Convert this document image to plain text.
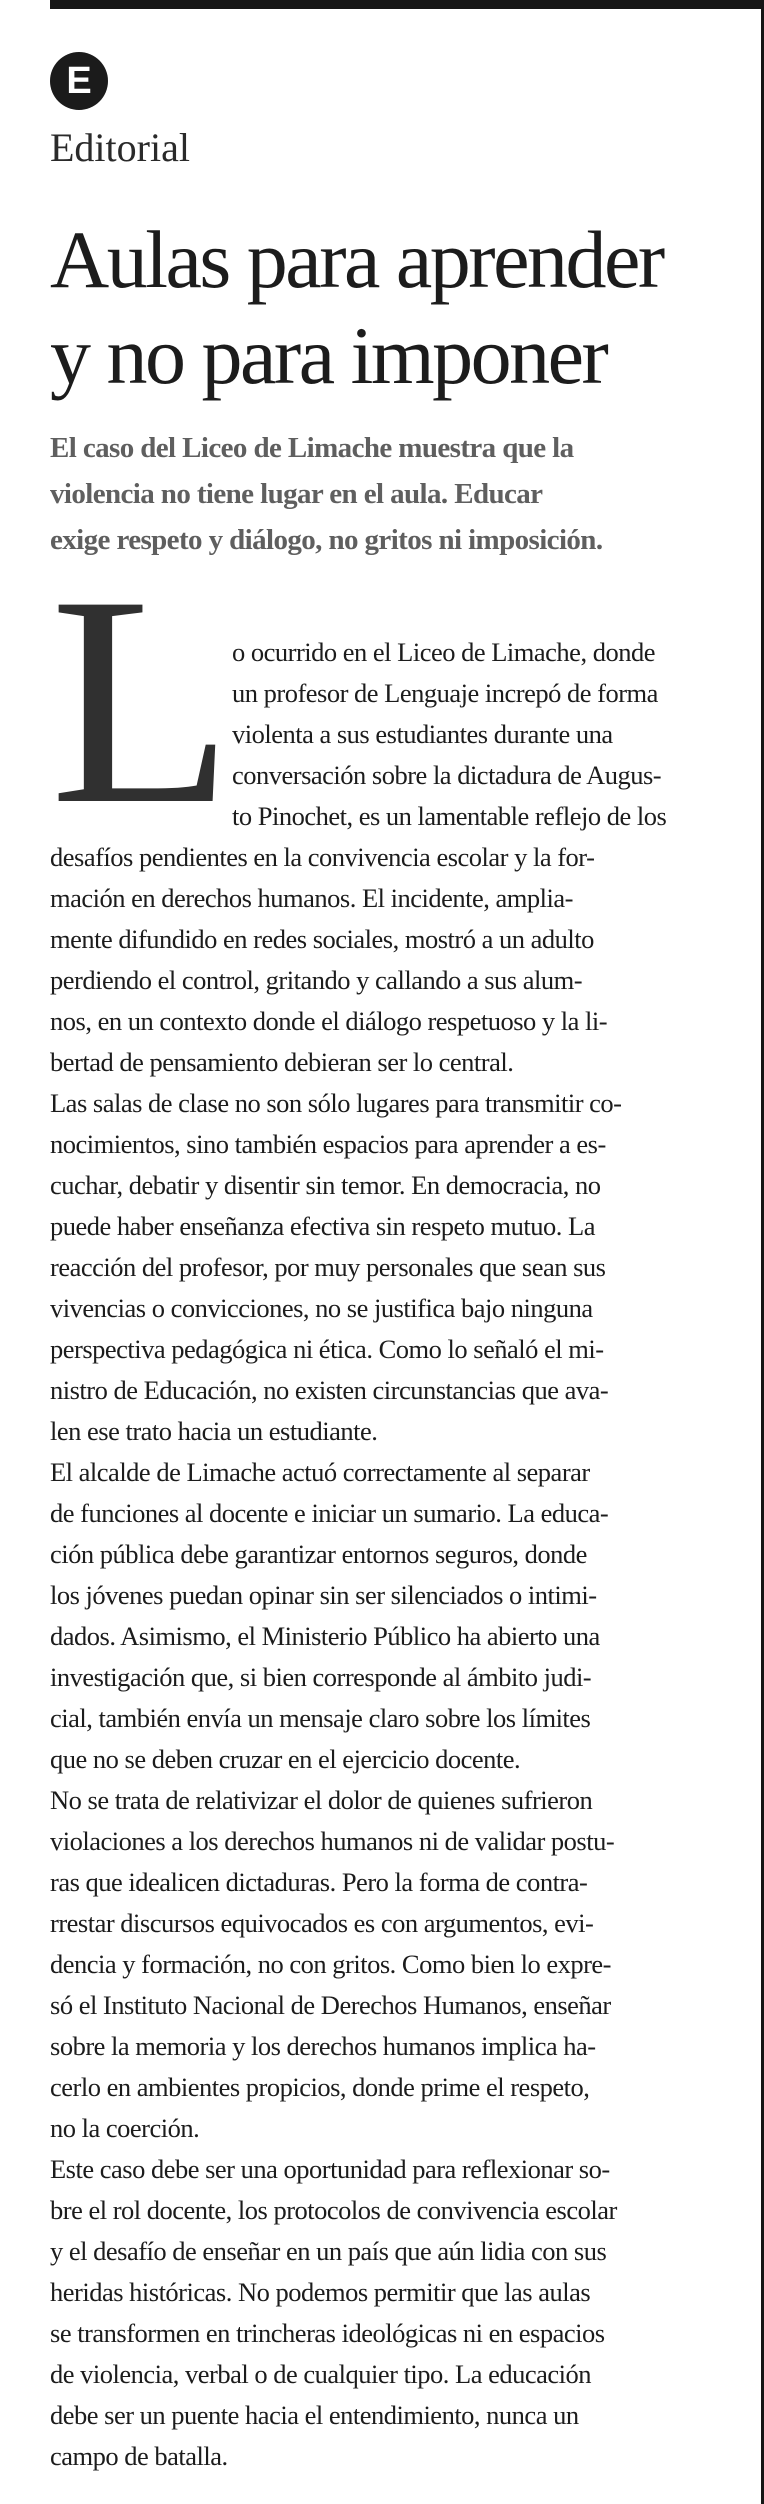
E
Editorial
Aulas para aprender
y no para imponer
El caso del Liceo de Limache muestra que la
violencia no tiene lugar en el aula. Educar
exige respeto y diálogo, no gritos ni imposición.
L
o ocurrido en el Liceo de Limache, donde
un profesor de Lenguaje increpó de forma
violenta a sus estudiantes durante una
conversación sobre la dictadura de Augus-
to Pinochet, es un lamentable reflejo de los
desafíos pendientes en la convivencia escolar y la for-
mación en derechos humanos. El incidente, amplia-
mente difundido en redes sociales, mostró a un adulto
perdiendo el control, gritando y callando a sus alum-
nos, en un contexto donde el diálogo respetuoso y la li-
bertad de pensamiento debieran ser lo central.
Las salas de clase no son sólo lugares para transmitir co-
nocimientos, sino también espacios para aprender a es-
cuchar, debatir y disentir sin temor. En democracia, no
puede haber enseñanza efectiva sin respeto mutuo. La
reacción del profesor, por muy personales que sean sus
vivencias o convicciones, no se justifica bajo ninguna
perspectiva pedagógica ni ética. Como lo señaló el mi-
nistro de Educación, no existen circunstancias que ava-
len ese trato hacia un estudiante.
El alcalde de Limache actuó correctamente al separar
de funciones al docente e iniciar un sumario. La educa-
ción pública debe garantizar entornos seguros, donde
los jóvenes puedan opinar sin ser silenciados o intimi-
dados. Asimismo, el Ministerio Público ha abierto una
investigación que, si bien corresponde al ámbito judi-
cial, también envía un mensaje claro sobre los límites
que no se deben cruzar en el ejercicio docente.
No se trata de relativizar el dolor de quienes sufrieron
violaciones a los derechos humanos ni de validar postu-
ras que idealicen dictaduras. Pero la forma de contra-
rrestar discursos equivocados es con argumentos, evi-
dencia y formación, no con gritos. Como bien lo expre-
só el Instituto Nacional de Derechos Humanos, enseñar
sobre la memoria y los derechos humanos implica ha-
cerlo en ambientes propicios, donde prime el respeto,
no la coerción.
Este caso debe ser una oportunidad para reflexionar so-
bre el rol docente, los protocolos de convivencia escolar
y el desafío de enseñar en un país que aún lidia con sus
heridas históricas. No podemos permitir que las aulas
se transformen en trincheras ideológicas ni en espacios
de violencia, verbal o de cualquier tipo. La educación
debe ser un puente hacia el entendimiento, nunca un
campo de batalla.
